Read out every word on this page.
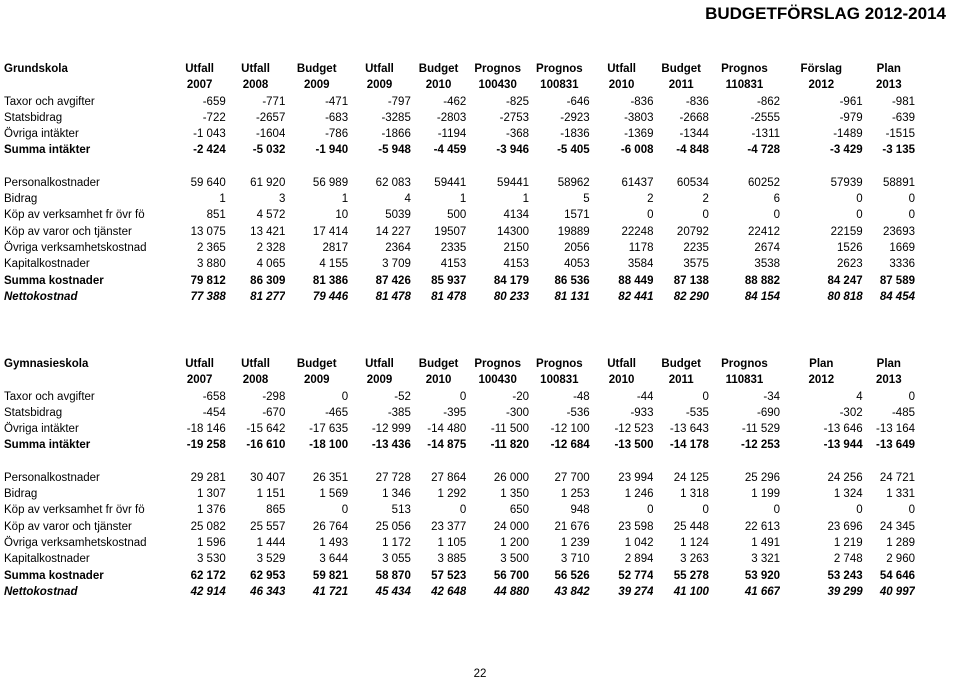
BUDGETFÖRSLAG 2012-2014
Grundskola	Utfall	Utfall	Budget	Utfall	Budget	Prognos	Prognos	Utfall	Budget	Prognos	Förslag	Plan
	2007	2008	2009	2009	2010	100430	100831	2010	2011	110831	2012	2013
Taxor och avgifter	-659	-771	-471	-797	-462	-825	-646	-836	-836	-862	-961	-981
Statsbidrag	-722	-2657	-683	-3285	-2803	-2753	-2923	-3803	-2668	-2555	-979	-639
Övriga intäkter	-1 043	-1604	-786	-1866	-1194	-368	-1836	-1369	-1344	-1311	-1489	-1515
Summa intäkter	-2 424	-5 032	-1 940	-5 948	-4 459	-3 946	-5 405	-6 008	-4 848	-4 728	-3 429	-3 135

Personalkostnader	59 640	61 920	56 989	62 083	59441	59441	58962	61437	60534	60252	57939	58891
Bidrag	1	3	1	4	1	1	5	2	2	6	0	0
Köp av verksamhet fr övr fö	851	4 572	10	5039	500	4134	1571	0	0	0	0	0
Köp av varor och tjänster	13 075	13 421	17 414	14 227	19507	14300	19889	22248	20792	22412	22159	23693
Övriga verksamhetskostnad	2 365	2 328	2817	2364	2335	2150	2056	1178	2235	2674	1526	1669
Kapitalkostnader	3 880	4 065	4 155	3 709	4153	4153	4053	3584	3575	3538	2623	3336
Summa kostnader	79 812	86 309	81 386	87 426	85 937	84 179	86 536	88 449	87 138	88 882	84 247	87 589
Nettokostnad	77 388	81 277	79 446	81 478	81 478	80 233	81 131	82 441	82 290	84 154	80 818	84 454
Gymnasieskola	Utfall	Utfall	Budget	Utfall	Budget	Prognos	Prognos	Utfall	Budget	Prognos	Plan	Plan
	2007	2008	2009	2009	2010	100430	100831	2010	2011	110831	2012	2013
Taxor och avgifter	-658	-298	0	-52	0	-20	-48	-44	0	-34	4	0
Statsbidrag	-454	-670	-465	-385	-395	-300	-536	-933	-535	-690	-302	-485
Övriga intäkter	-18 146	-15 642	-17 635	-12 999	-14 480	-11 500	-12 100	-12 523	-13 643	-11 529	-13 646	-13 164
Summa intäkter	-19 258	-16 610	-18 100	-13 436	-14 875	-11 820	-12 684	-13 500	-14 178	-12 253	-13 944	-13 649

Personalkostnader	29 281	30 407	26 351	27 728	27 864	26 000	27 700	23 994	24 125	25 296	24 256	24 721
Bidrag	1 307	1 151	1 569	1 346	1 292	1 350	1 253	1 246	1 318	1 199	1 324	1 331
Köp av verksamhet fr övr fö	1 376	865	0	513	0	650	948	0	0	0	0	0
Köp av varor och tjänster	25 082	25 557	26 764	25 056	23 377	24 000	21 676	23 598	25 448	22 613	23 696	24 345
Övriga verksamhetskostnad	1 596	1 444	1 493	1 172	1 105	1 200	1 239	1 042	1 124	1 491	1 219	1 289
Kapitalkostnader	3 530	3 529	3 644	3 055	3 885	3 500	3 710	2 894	3 263	3 321	2 748	2 960
Summa kostnader	62 172	62 953	59 821	58 870	57 523	56 700	56 526	52 774	55 278	53 920	53 243	54 646
Nettokostnad	42 914	46 343	41 721	45 434	42 648	44 880	43 842	39 274	41 100	41 667	39 299	40 997
22
